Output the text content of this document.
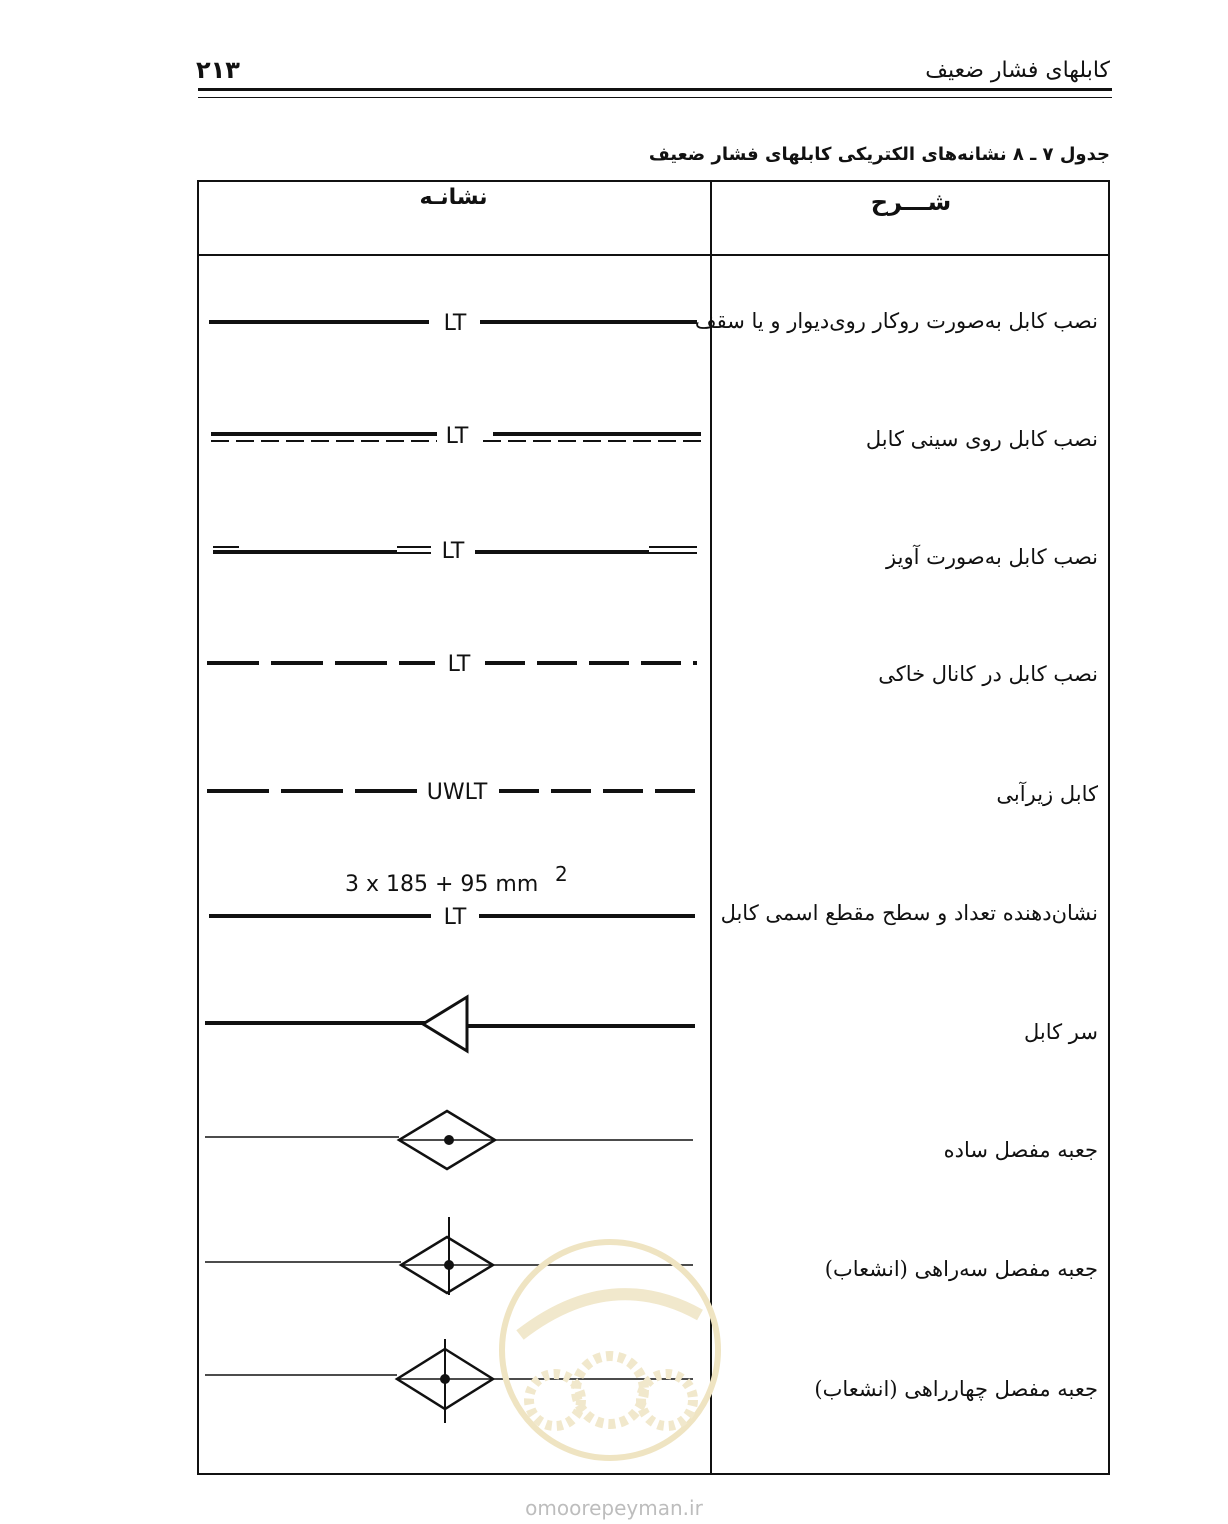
کابلهای فشار ضعیف
۲۱۳
جدول ۷ ـ ۸ نشانه‌های الکتریکی کابلهای فشار ضعیف
شـــرح
نشانـه
نصب کابل به‌صورت روکار روی‌دیوار و یا سقف
نصب کابل روی سینی کابل
نصب کابل به‌صورت آویز
نصب کابل در کانال خاکی
کابل زیرآبی
نشان‌دهنده تعداد و سطح مقطع اسمی کابل
سر کابل
جعبه مفصل ساده
جعبه مفصل سه‌راهی (انشعاب)
جعبه مفصل چهارراهی (انشعاب)
LT
LT
LT
LT
UWLT
3 x 185 + 95 mm 2
LT
omoorepeyman.ir
